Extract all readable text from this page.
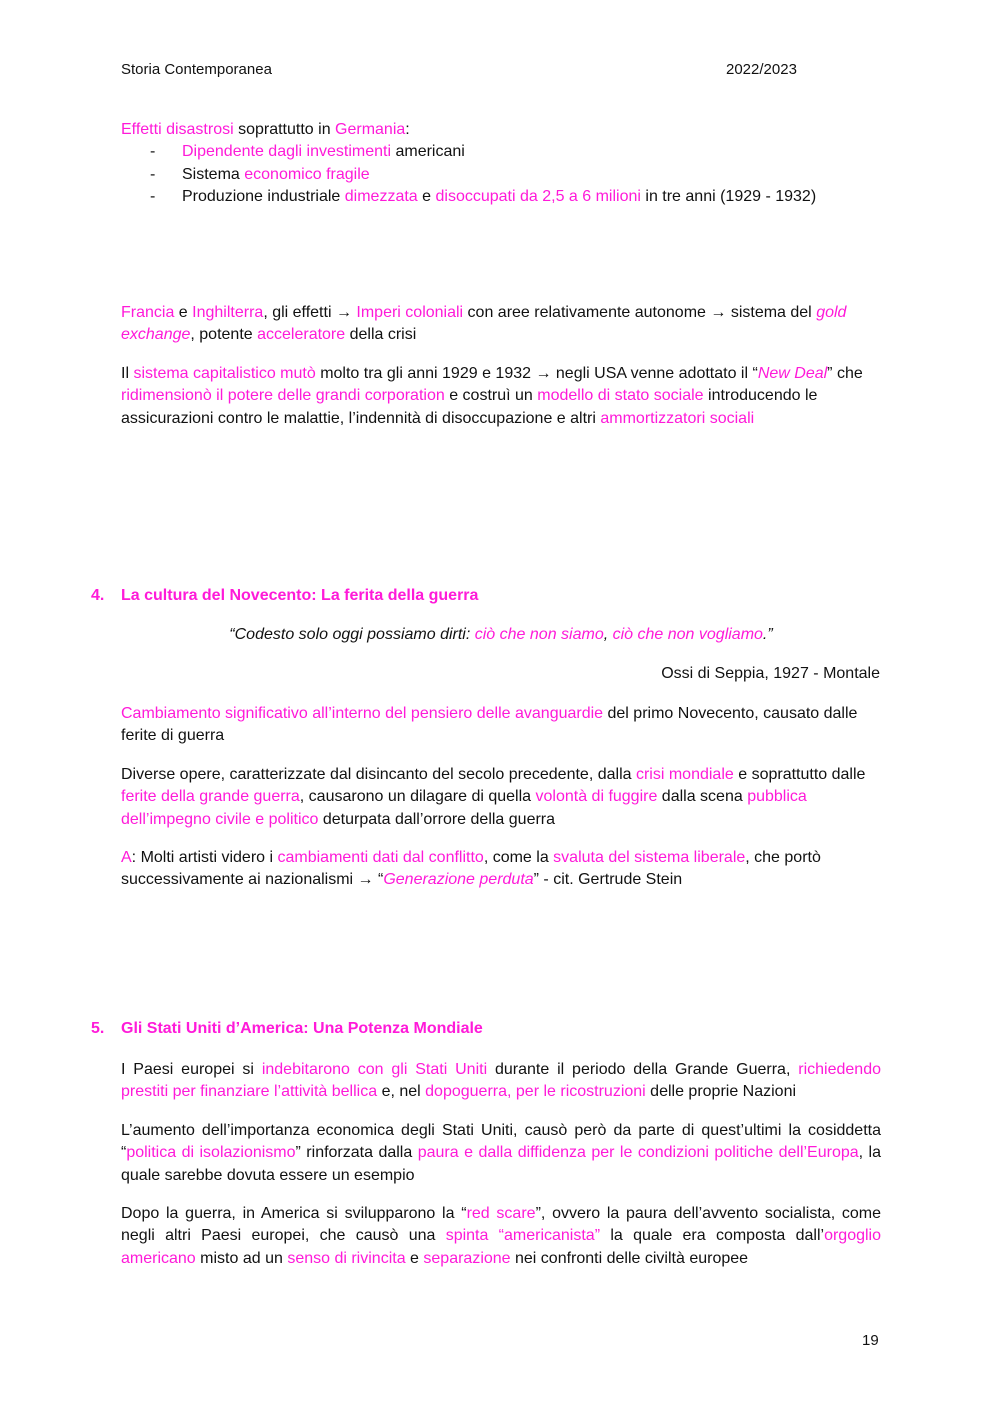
Storia Contemporanea	2022/2023

Effetti disastrosi soprattutto in Germania:

- Dipendente dagli investimenti americani
- Sistema economico fragile
- Produzione industriale dimezzata e disoccupati da 2,5 a 6 milioni in tre anni (1929 - 1932)

Francia e Inghilterra, gli effetti → Imperi coloniali con aree relativamente autonome → sistema del gold exchange, potente acceleratore della crisi

Il sistema capitalistico mutò molto tra gli anni 1929 e 1932 → negli USA venne adottato il “New Deal” che ridimensionò il potere delle grandi corporation e costruì un modello di stato sociale introducendo le assicurazioni contro le malattie, l’indennità di disoccupazione e altri ammortizzatori sociali

4. La cultura del Novecento: La ferita della guerra

“Codesto solo oggi possiamo dirti: ciò che non siamo, ciò che non vogliamo.”

Ossi di Seppia, 1927 - Montale

Cambiamento significativo all’interno del pensiero delle avanguardie del primo Novecento, causato dalle ferite di guerra

Diverse opere, caratterizzate dal disincanto del secolo precedente, dalla crisi mondiale e soprattutto dalle ferite della grande guerra, causarono un dilagare di quella volontà di fuggire dalla scena pubblica dell’impegno civile e politico deturpata dall’orrore della guerra

A: Molti artisti videro i cambiamenti dati dal conflitto, come la svaluta del sistema liberale, che portò successivamente ai nazionalismi → “Generazione perduta” - cit. Gertrude Stein

5. Gli Stati Uniti d’America: Una Potenza Mondiale

I Paesi europei si indebitarono con gli Stati Uniti durante il periodo della Grande Guerra, richiedendo prestiti per finanziare l’attività bellica e, nel dopoguerra, per le ricostruzioni delle proprie Nazioni

L’aumento dell’importanza economica degli Stati Uniti, causò però da parte di quest’ultimi la cosiddetta “politica di isolazionismo” rinforzata dalla paura e dalla diffidenza per le condizioni politiche dell’Europa, la quale sarebbe dovuta essere un esempio

Dopo la guerra, in America si svilupparono la “red scare”, ovvero la paura dell’avvento socialista, come negli altri Paesi europei, che causò una spinta “americanista” la quale era composta dall’orgoglio americano misto ad un senso di rivincita e separazione nei confronti delle civiltà europee

19
